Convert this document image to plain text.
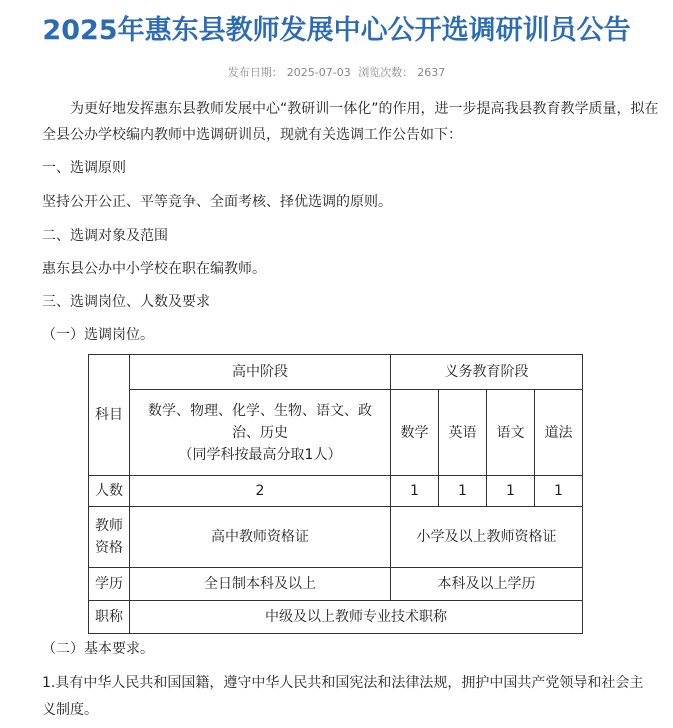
2025年惠东县教师发展中心公开选调研训员公告
发布日期： 2025-07-03 浏览次数： 2637

为更好地发挥惠东县教师发展中心“教研训一体化”的作用，进一步提高我县教育教学质量，拟在

全县公办学校编内教师中选调研训员，现就有关选调工作公告如下：

一、选调原则

坚持公开公正、平等竞争、全面考核、择优选调的原则。

二、选调对象及范围

惠东县公办中小学校在职在编教师。

三、选调岗位、人数及要求

（一）选调岗位。

科目	高中阶段	义务教育阶段			

	数学、物理、化学、生物、语文、政
治、历史
（同学科按最高分取1人）	数学	英语	语文	道法
人数	2	1	1	1	1

教师
资格	高中教师资格证	小学及以上教师资格证			
学历	全日制本科及以上	本科及以上学历			
职称	中级及以上教师专业技术职称				

（二）基本要求。

1.具有中华人民共和国国籍，遵守中华人民共和国宪法和法律法规，拥护中国共产党领导和社会主

义制度。
